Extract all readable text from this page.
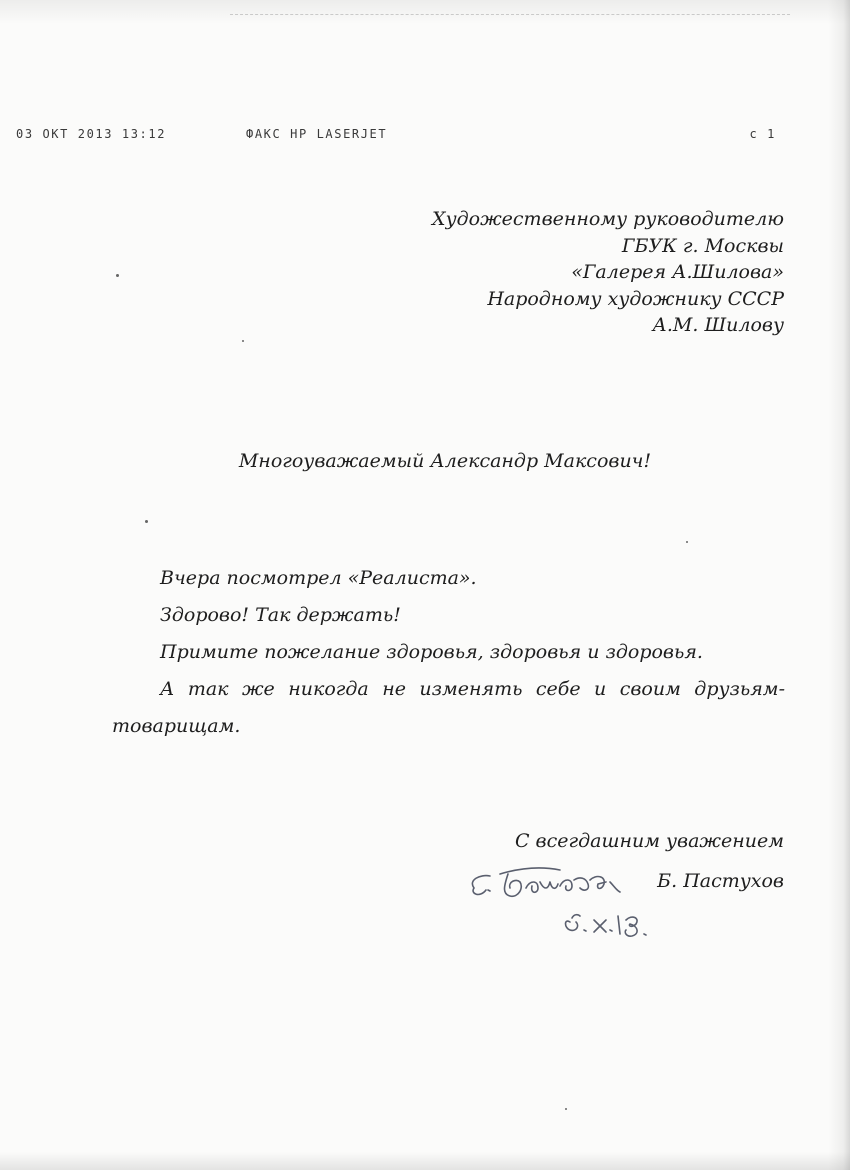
03 ОКТ 2013 13:12	ФАКС HP LASERJET	с 1
Художественному руководителю
ГБУК г. Москвы
«Галерея А.Шилова»
Народному художнику СССР
А.М. Шилову
Многоуважаемый Александр Максович!
Вчера посмотрел «Реалиста».
Здорово! Так держать!
Примите пожелание здоровья, здоровья и здоровья.
А так же никогда не изменять себе и своим друзьям-
товарищам.
С всегдашним уважением
Б. Пастухов
